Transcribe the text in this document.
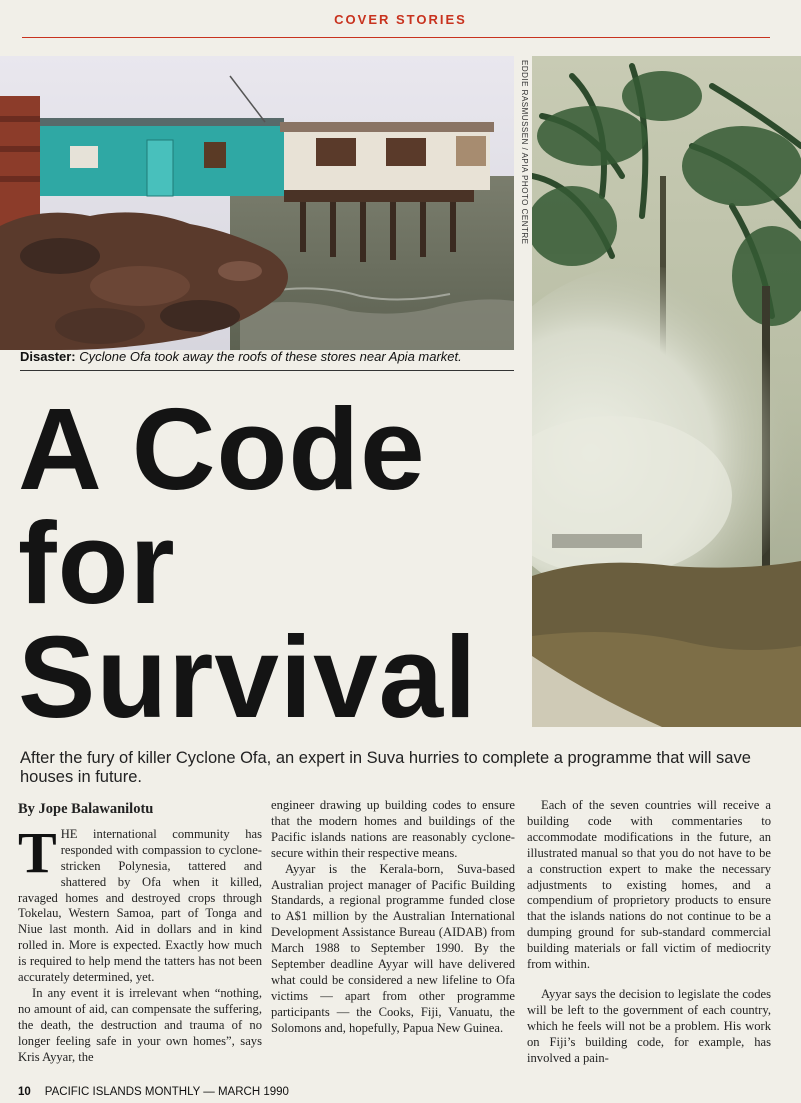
COVER STORIES
EDDIE RASMUSSEN / APIA PHOTO CENTRE
Disaster: Cyclone Ofa took away the roofs of these stores near Apia market.
A Code
for
Survival
After the fury of killer Cyclone Ofa, an expert in Suva hurries to complete a programme that will save houses in future.
By Jope Balawanilotu

THE international community has responded with compassion to cyclone-stricken Polynesia, tattered and shattered by Ofa when it killed, ravaged homes and destroyed crops through Tokelau, Western Samoa, part of Tonga and Niue last month. Aid in dollars and in kind rolled in. More is expected. Exactly how much is required to help mend the tatters has not been accurately determined, yet.

In any event it is irrelevant when “nothing, no amount of aid, can compensate the suffering, the death, the destruction and trauma of no longer feeling safe in your own homes”, says Kris Ayyar, the

engineer drawing up building codes to ensure that the modern homes and buildings of the Pacific islands nations are reasonably cyclone-secure within their respective means.

Ayyar is the Kerala-born, Suva-based Australian project manager of Pacific Building Standards, a regional programme funded close to A$1 million by the Australian International Development Assistance Bureau (AIDAB) from March 1988 to September 1990. By the September deadline Ayyar will have delivered what could be considered a new lifeline to Ofa victims — apart from other programme participants — the Cooks, Fiji, Vanuatu, the Solomons and, hopefully, Papua New Guinea.

Each of the seven countries will receive a building code with commentaries to accommodate modifications in the future, an illustrated manual so that you do not have to be a construction expert to make the necessary adjustments to existing homes, and a compendium of proprietory products to ensure that the islands nations do not continue to be a dumping ground for sub-standard commercial building materials or fall victim of mediocrity from within.

Ayyar says the decision to legislate the codes will be left to the government of each country, which he feels will not be a problem. His work on Fiji’s building code, for example, has involved a pain-

10 PACIFIC ISLANDS MONTHLY — MARCH 1990
